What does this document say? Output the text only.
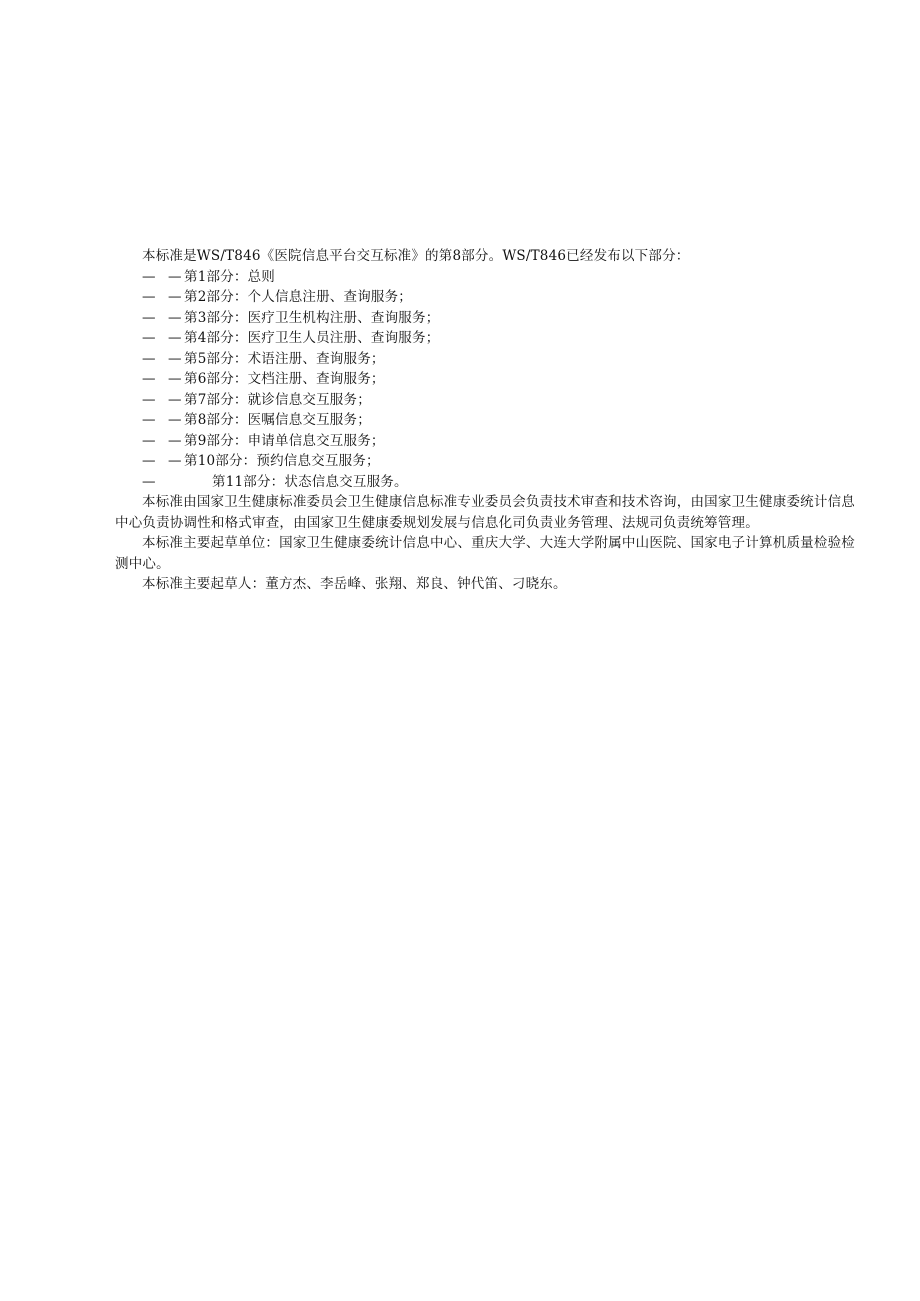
本标准是WS/T846《医院信息平台交互标准》的第8部分。WS/T846已经发布以下部分：

— — 第1部分：总则
— — 第2部分：个人信息注册、查询服务；
— — 第3部分：医疗卫生机构注册、查询服务；
— — 第4部分：医疗卫生人员注册、查询服务；
— — 第5部分：术语注册、查询服务；
— — 第6部分：文档注册、查询服务；
— — 第7部分：就诊信息交互服务；
— — 第8部分：医嘱信息交互服务；
— — 第9部分：申请单信息交互服务；
— — 第10部分：预约信息交互服务；
—	第11部分：状态信息交互服务。

本标准由国家卫生健康标准委员会卫生健康信息标准专业委员会负责技术审查和技术咨询，由国家卫生健康委统计信息中心负责协调性和格式审查，由国家卫生健康委规划发展与信息化司负责业务管理、法规司负责统筹管理。

本标准主要起草单位：国家卫生健康委统计信息中心、重庆大学、大连大学附属中山医院、国家电子计算机质量检验检测中心。

本标准主要起草人：董方杰、李岳峰、张翔、郑良、钟代笛、刁晓东。
